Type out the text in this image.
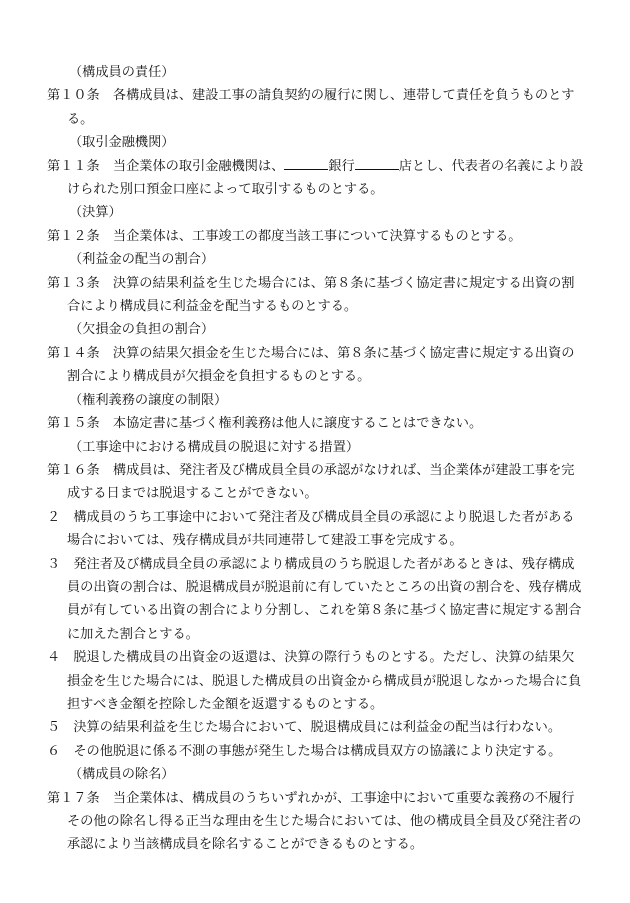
（構成員の責任）
第１０条　各構成員は、建設工事の請負契約の履行に関し、連帯して責任を負うものとする。
（取引金融機関）
第１１条　当企業体の取引金融機関は、	銀行	店とし、代表者の名義により設けられた別口預金口座によって取引するものとする。
（決算）
第１２条　当企業体は、工事竣工の都度当該工事について決算するものとする。
（利益金の配当の割合）
第１３条　決算の結果利益を生じた場合には、第８条に基づく協定書に規定する出資の割合により構成員に利益金を配当するものとする。
（欠損金の負担の割合）
第１４条　決算の結果欠損金を生じた場合には、第８条に基づく協定書に規定する出資の割合により構成員が欠損金を負担するものとする。
（権利義務の譲度の制限）
第１５条　本協定書に基づく権利義務は他人に譲度することはできない。
（工事途中における構成員の脱退に対する措置）
第１６条　構成員は、発注者及び構成員全員の承認がなければ、当企業体が建設工事を完成する日までは脱退することができない。
２　構成員のうち工事途中において発注者及び構成員全員の承認により脱退した者がある場合においては、残存構成員が共同連帯して建設工事を完成する。
３　発注者及び構成員全員の承認により構成員のうち脱退した者があるときは、残存構成員の出資の割合は、脱退構成員が脱退前に有していたところの出資の割合を、残存構成員が有している出資の割合により分割し、これを第８条に基づく協定書に規定する割合に加えた割合とする。
４　脱退した構成員の出資金の返還は、決算の際行うものとする。ただし、決算の結果欠損金を生じた場合には、脱退した構成員の出資金から構成員が脱退しなかった場合に負担すべき金額を控除した金額を返還するものとする。
５　決算の結果利益を生じた場合において、脱退構成員には利益金の配当は行わない。
６　その他脱退に係る不測の事態が発生した場合は構成員双方の協議により決定する。
（構成員の除名）
第１７条　当企業体は、構成員のうちいずれかが、工事途中において重要な義務の不履行その他の除名し得る正当な理由を生じた場合においては、他の構成員全員及び発注者の承認により当該構成員を除名することができるものとする。
